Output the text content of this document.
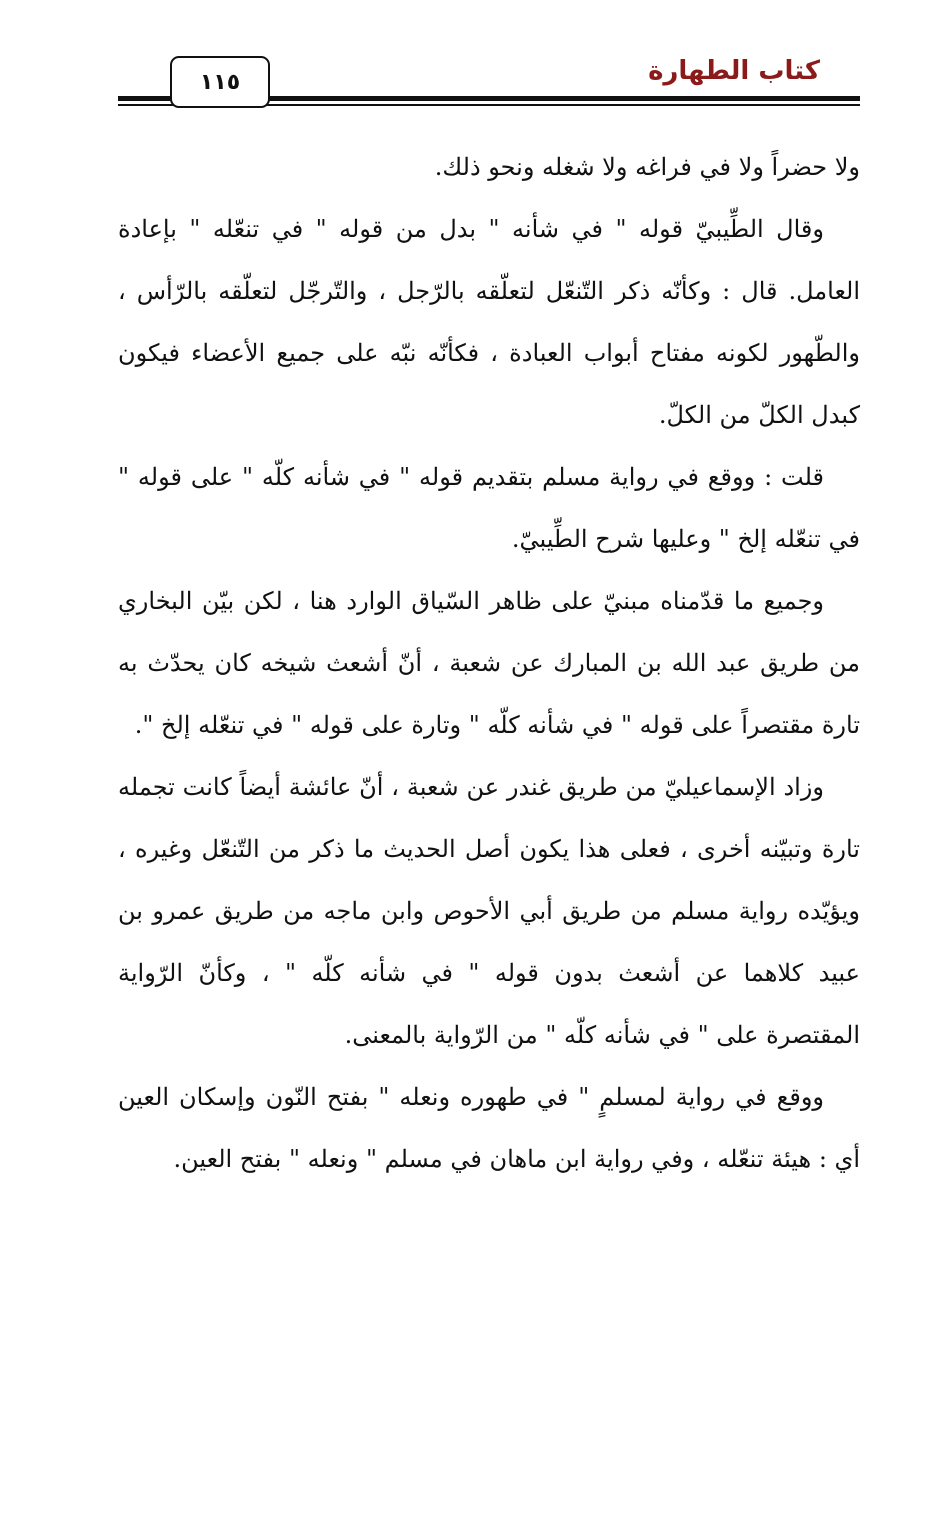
كتاب الطهارة
١١٥

ولا حضراً ولا في فراغه ولا شغله ونحو ذلك.

وقال الطِّيبيّ قوله " في شأنه " بدل من قوله " في تنعّله " بإعادة العامل. قال : وكأنّه ذكر التّنعّل لتعلّقه بالرّجل ، والتّرجّل لتعلّقه بالرّأس ، والطّهور لكونه مفتاح أبواب العبادة ، فكأنّه نبّه على جميع الأعضاء فيكون كبدل الكلّ من الكلّ.

قلت : ووقع في رواية مسلم بتقديم قوله " في شأنه كلّه " على قوله " في تنعّله إلخ " وعليها شرح الطِّيبيّ.

وجميع ما قدّمناه مبنيّ على ظاهر السّياق الوارد هنا ، لكن بيّن البخاري من طريق عبد الله بن المبارك عن شعبة ، أنّ أشعث شيخه كان يحدّث به تارة مقتصراً على قوله " في شأنه كلّه " وتارة على قوله " في تنعّله إلخ ".

وزاد الإسماعيليّ من طريق غندر عن شعبة ، أنّ عائشة أيضاً كانت تجمله تارة وتبيّنه أخرى ، فعلى هذا يكون أصل الحديث ما ذكر من التّنعّل وغيره ، ويؤيّده رواية مسلم من طريق أبي الأحوص وابن ماجه من طريق عمرو بن عبيد كلاهما عن أشعث بدون قوله " في شأنه كلّه " ، وكأنّ الرّواية المقتصرة على " في شأنه كلّه " من الرّواية بالمعنى.

ووقع في رواية لمسلمٍ " في طهوره ونعله " بفتح النّون وإسكان العين أي : هيئة تنعّله ، وفي رواية ابن ماهان في مسلم " ونعله " بفتح العين.
